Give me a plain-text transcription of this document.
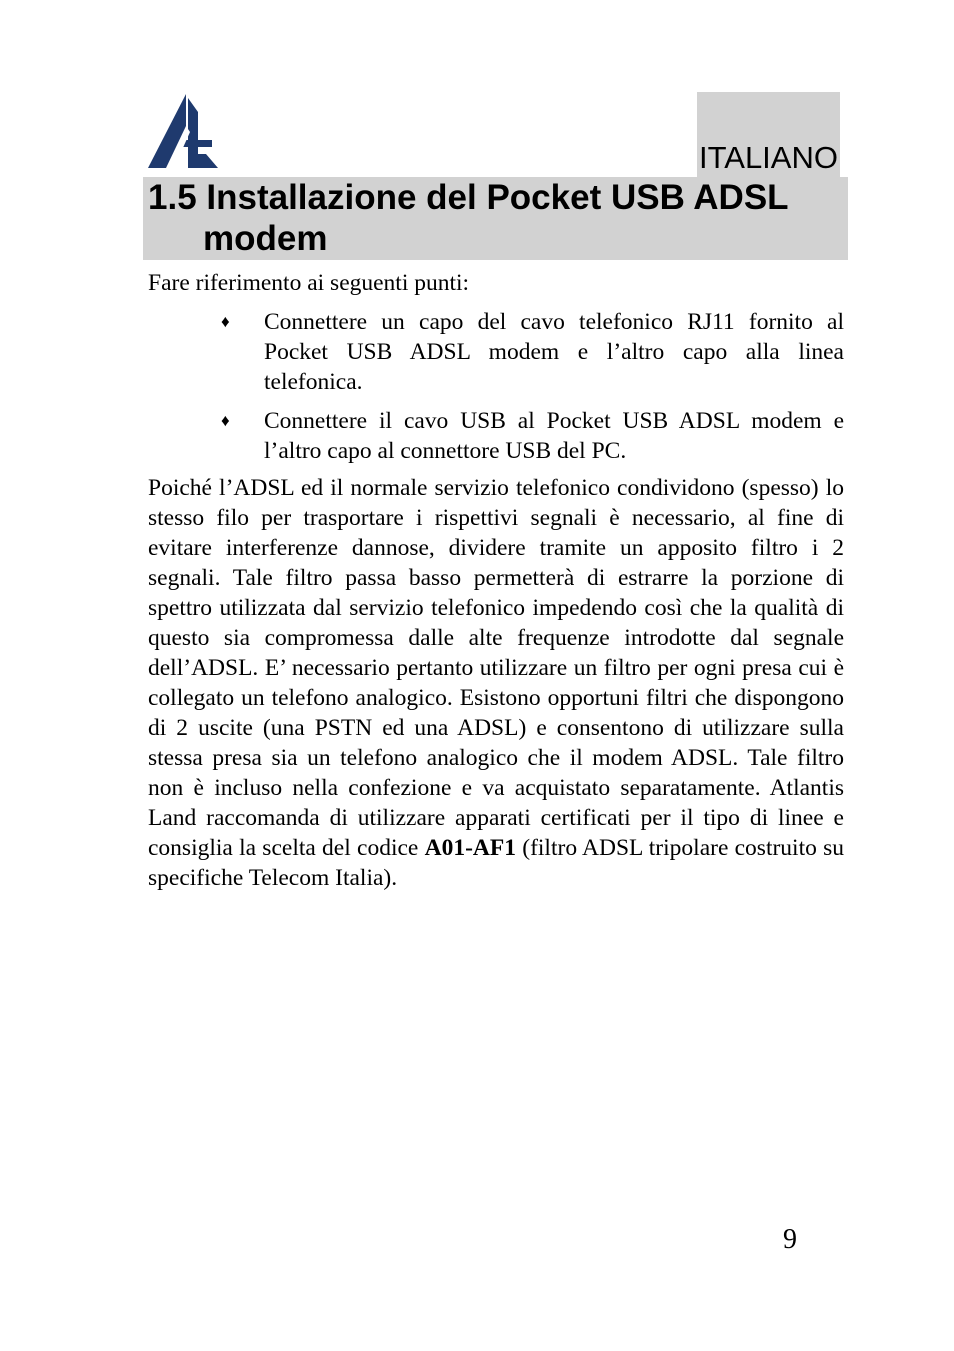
ITALIANO
1.5 Installazione del Pocket USB ADSL
modem

Fare riferimento ai seguenti punti:

♦ Connettere un capo del cavo telefonico RJ11 fornito al Pocket USB ADSL modem e l’altro capo alla linea telefonica.
♦ Connettere il cavo USB al Pocket USB ADSL modem e l’altro capo al connettore USB del PC.

Poiché l’ADSL ed il normale servizio telefonico condividono (spesso) lo stesso filo per trasportare i rispettivi segnali è necessario, al fine di evitare interferenze dannose, dividere tramite un apposito filtro i 2 segnali. Tale filtro passa basso permetterà di estrarre la porzione di spettro utilizzata dal servizio telefonico impedendo così che la qualità di questo sia compromessa dalle alte frequenze introdotte dal segnale dell’ADSL. E’ necessario pertanto utilizzare un filtro per ogni presa cui è collegato un telefono analogico. Esistono opportuni filtri che dispongono di 2 uscite (una PSTN ed una ADSL) e consentono di utilizzare sulla stessa presa sia un telefono analogico che il modem ADSL. Tale filtro non è incluso nella confezione e va acquistato separatamente. Atlantis Land raccomanda di utilizzare apparati certificati per il tipo di linee e consiglia la scelta del codice A01-AF1 (filtro ADSL tripolare costruito su specifiche Telecom Italia).

9
